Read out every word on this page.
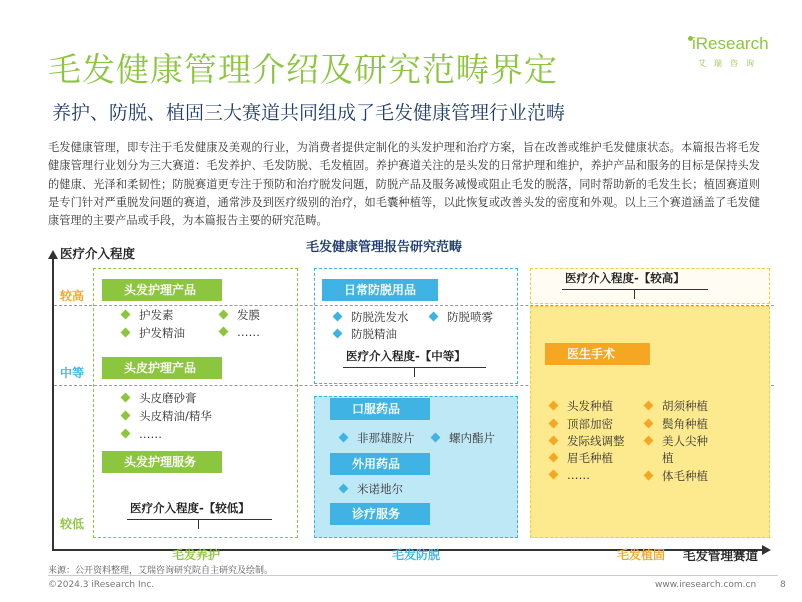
iResearch
艾瑞咨询
毛发健康管理介绍及研究范畴界定
养护、防脱、植固三大赛道共同组成了毛发健康管理行业范畴
毛发健康管理，即专注于毛发健康及美观的行业，为消费者提供定制化的头发护理和治疗方案，旨在改善或维护毛发健康状态。本篇报告将毛发健康管理行业划分为三大赛道：毛发养护、毛发防脱、毛发植固。养护赛道关注的是头发的日常护理和维护，养护产品和服务的目标是保持头发的健康、光泽和柔韧性；防脱赛道更专注于预防和治疗脱发问题，防脱产品及服务减慢或阻止毛发的脱落，同时帮助新的毛发生长；植固赛道则是专门针对严重脱发问题的赛道，通常涉及到医疗级别的治疗，如毛囊种植等，以此恢复或改善头发的密度和外观。以上三个赛道涵盖了毛发健康管理的主要产品或手段，为本篇报告主要的研究范畴。
毛发健康管理报告研究范畴
医疗介入程度
较高
中等
较低
头发护理产品
护发素	发膜
护发精油	……
头皮护理产品
头皮磨砂膏
头皮精油/精华
……
头发护理服务
医疗介入程度-【较低】
日常防脱用品
防脱洗发水	防脱喷雾
防脱精油
医疗介入程度-【中等】
口服药品
非那雄胺片	螺内酯片
外用药品
米诺地尔
诊疗服务
医疗介入程度-【较高】
医生手术
头发种植
顶部加密
发际线调整
眉毛种植
……
胡须种植
鬓角种植
美人尖种
植
体毛种植
毛发养护	毛发防脱	毛发植固 毛发管理赛道
来源：公开资料整理，艾瑞咨询研究院自主研究及绘制。
©2024.3 iResearch Inc.	www.iresearch.com.cn	8
